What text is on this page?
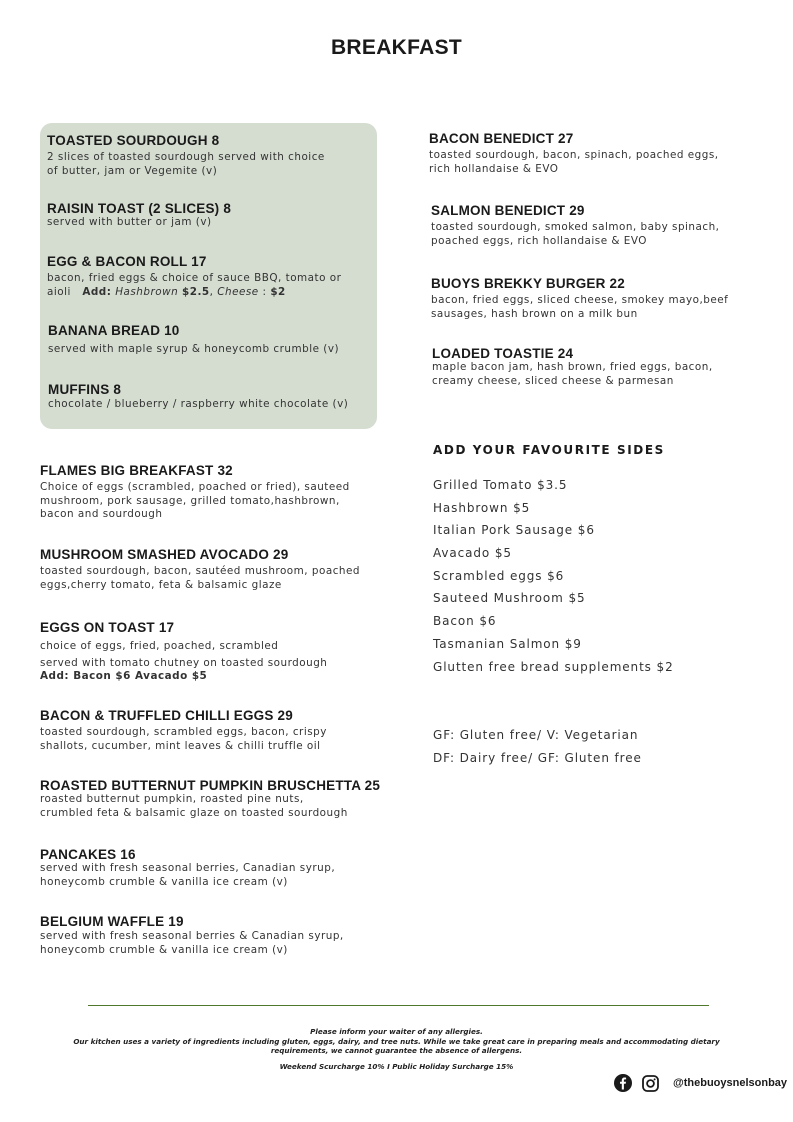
BREAKFAST
TOASTED SOURDOUGH 8
2 slices of toasted sourdough served with choice
of butter, jam or Vegemite (v)
RAISIN TOAST (2 SLICES) 8
served with butter or jam (v)
EGG & BACON ROLL 17
bacon, fried eggs & choice of sauce BBQ, tomato or
aioli Add: Hashbrown $2.5, Cheese : $2
BANANA BREAD 10
served with maple syrup & honeycomb crumble (v)
MUFFINS 8
chocolate / blueberry / raspberry white chocolate (v)
FLAMES BIG BREAKFAST 32
Choice of eggs (scrambled, poached or fried), sauteed
mushroom, pork sausage, grilled tomato,hashbrown,
bacon and sourdough
MUSHROOM SMASHED AVOCADO 29
toasted sourdough, bacon, sautéed mushroom, poached
eggs,cherry tomato, feta & balsamic glaze
EGGS ON TOAST 17
choice of eggs, fried, poached, scrambled
served with tomato chutney on toasted sourdough
Add: Bacon $6 Avacado $5
BACON & TRUFFLED CHILLI EGGS 29
toasted sourdough, scrambled eggs, bacon, crispy
shallots, cucumber, mint leaves & chilli truffle oil
ROASTED BUTTERNUT PUMPKIN BRUSCHETTA 25
roasted butternut pumpkin, roasted pine nuts,
crumbled feta & balsamic glaze on toasted sourdough
PANCAKES 16
served with fresh seasonal berries, Canadian syrup,
honeycomb crumble & vanilla ice cream (v)
BELGIUM WAFFLE 19
served with fresh seasonal berries & Canadian syrup,
honeycomb crumble & vanilla ice cream (v)
BACON BENEDICT 27
toasted sourdough, bacon, spinach, poached eggs,
rich hollandaise & EVO
SALMON BENEDICT 29
toasted sourdough, smoked salmon, baby spinach,
poached eggs, rich hollandaise & EVO
BUOYS BREKKY BURGER 22
bacon, fried eggs, sliced cheese, smokey mayo,beef
sausages, hash brown on a milk bun
LOADED TOASTIE 24
maple bacon jam, hash brown, fried eggs, bacon,
creamy cheese, sliced cheese & parmesan
ADD YOUR FAVOURITE SIDES
Grilled Tomato $3.5
Hashbrown $5
Italian Pork Sausage $6
Avacado $5
Scrambled eggs $6
Sauteed Mushroom $5
Bacon $6
Tasmanian Salmon $9
Glutten free bread supplements $2
GF: Gluten free/ V: Vegetarian
DF: Dairy free/ GF: Gluten free
Please inform your waiter of any allergies.
Our kitchen uses a variety of ingredients including gluten, eggs, dairy, and tree nuts. While we take great care in preparing meals and accommodating dietary
requirements, we cannot guarantee the absence of allergens.
Weekend Scurcharge 10% I Public Holiday Surcharge 15%
@thebuoysnelsonbay
